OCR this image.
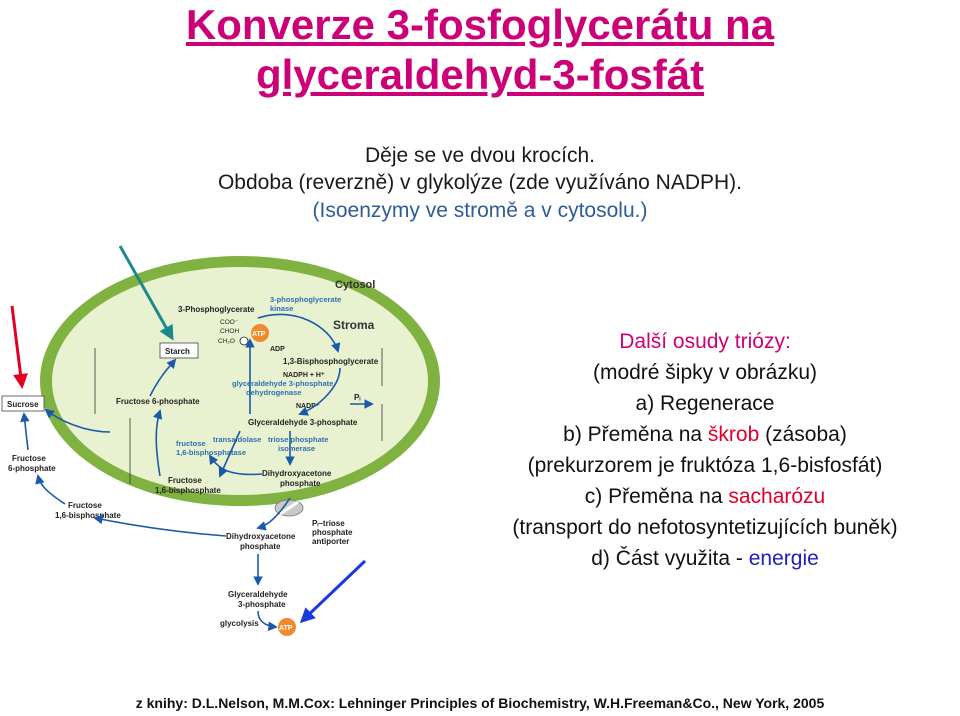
Konverze 3-fosfoglycerátu na
glyceraldehyd-3-fosfát
Děje se ve dvou krocích.
Obdoba (reverzně) v glykolýze (zde využíváno NADPH).
(Isoenzymy ve stromě a v cytosolu.)
Cytosol
Stroma
3-Phosphoglycerate
3-phosphoglycerate
kinase
COO⁻
CHOH
CH₂O
ATP
ADP
1,3-Bisphosphoglycerate
NADPH + H⁺
glyceraldehyde 3-phosphate
dehydrogenase
NADP⁺
Pᵢ
Glyceraldehyde 3-phosphate
Starch
Fructose 6-phosphate
fructose
1,6-bisphosphatase
transaldolase triose phosphate
isomerase
Dihydroxyacetone
phosphate
Fructose
1,6-bisphosphate
Sucrose
Fructose
6-phosphate
Fructose
1,6-bisphosphate
Pᵢ–triose
phosphate
antiporter
Dihydroxyacetone
phosphate
Glyceraldehyde
3-phosphate
glycolysis
ATP
Další osudy triózy:
(modré šipky v obrázku)
a) Regenerace
b) Přeměna na škrob (zásoba)
(prekurzorem je fruktóza 1,6-bisfosfát)
c) Přeměna na sacharózu
(transport do nefotosyntetizujících buněk)
d) Část využita - energie
z knihy: D.L.Nelson, M.M.Cox: Lehninger Principles of Biochemistry, W.H.Freeman&Co., New York, 2005
